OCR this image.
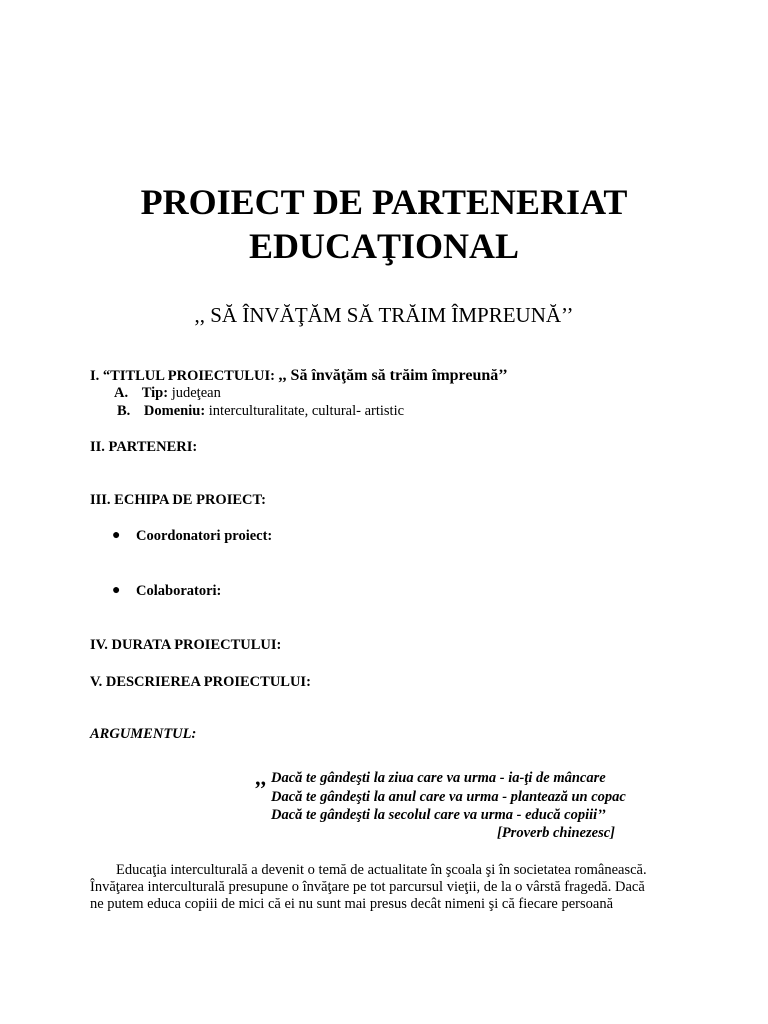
PROIECT DE PARTENERIAT
EDUCAŢIONAL
,, SĂ ÎNVĂŢĂM SĂ TRĂIM ÎMPREUNĂ’’
I. “TITLUL PROIECTULUI: ,, Să învăţăm să trăim împreună’’
A. Tip: judeţean
B. Domeniu: interculturalitate, cultural- artistic
II. PARTENERI:
III. ECHIPA DE PROIECT:
● Coordonatori proiect:
● Colaboratori:
IV. DURATA PROIECTULUI:
V. DESCRIEREA PROIECTULUI:
ARGUMENTUL:
,, Dacă te gândeşti la ziua care va urma - ia-ţi de mâncare
Dacă te gândeşti la anul care va urma - plantează un copac
Dacă te gândeşti la secolul care va urma - educă copiii’’
[Proverb chinezesc]
Educaţia interculturală a devenit o temă de actualitate în şcoala şi în societatea românească.
Învăţarea interculturală presupune o învăţare pe tot parcursul vieţii, de la o vârstă fragedă. Dacă
ne putem educa copiii de mici că ei nu sunt mai presus decât nimeni şi că fiecare persoană
